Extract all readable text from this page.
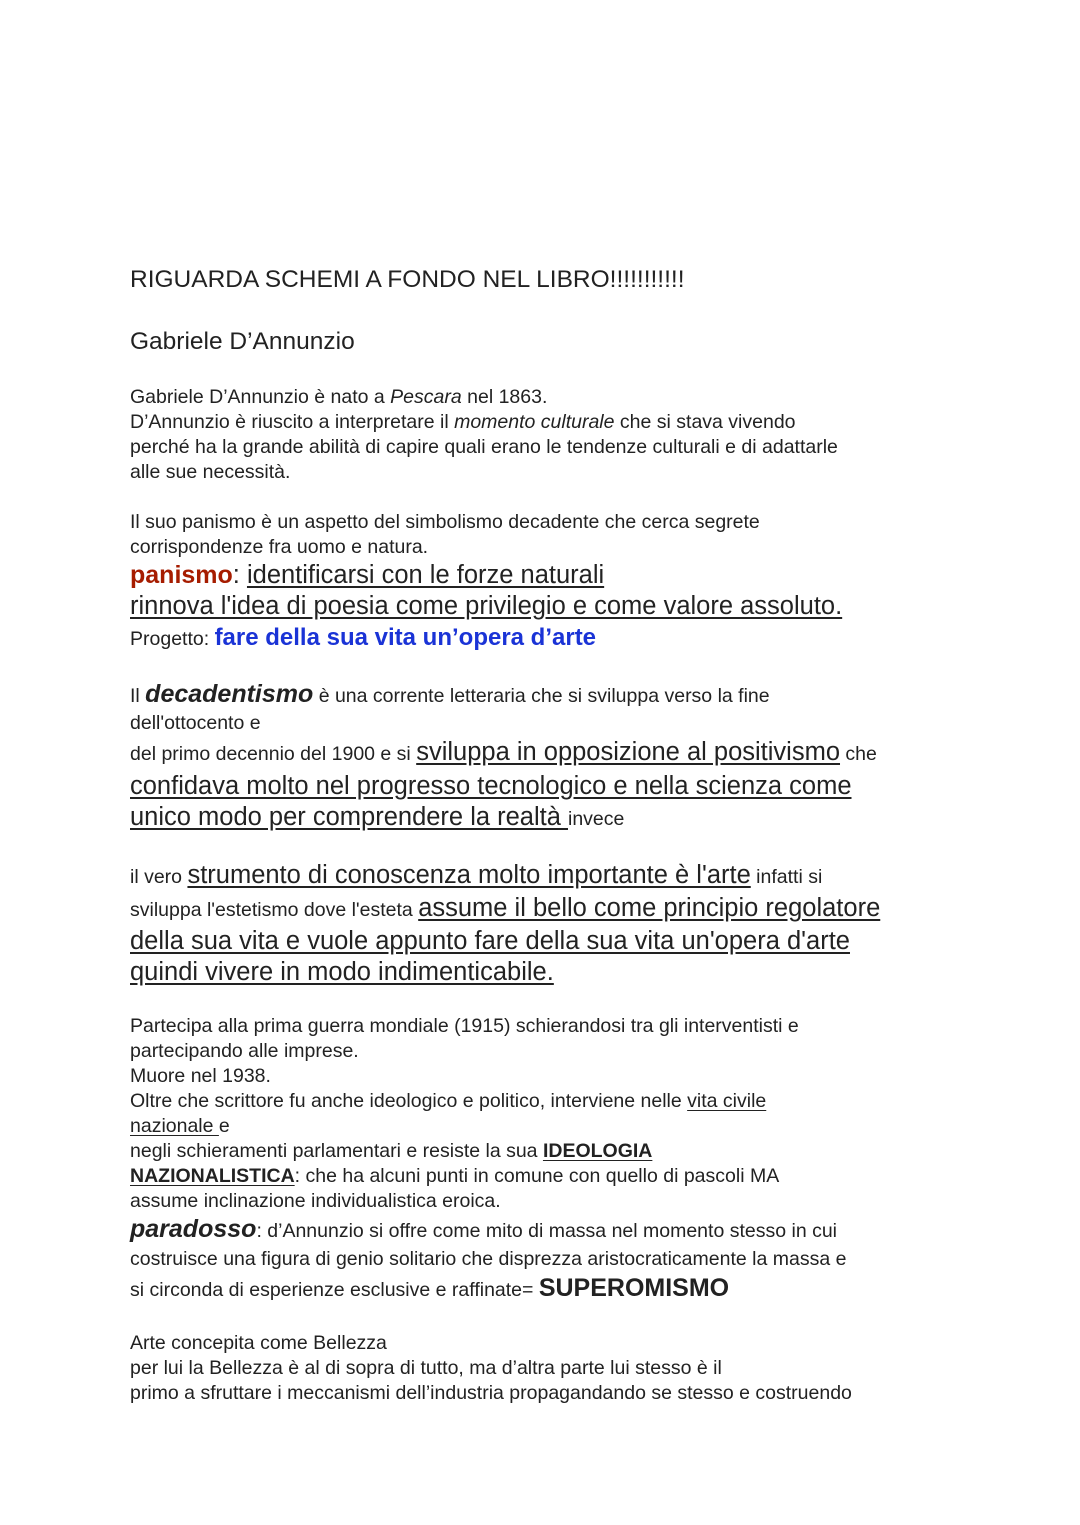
RIGUARDA SCHEMI A FONDO NEL LIBRO!!!!!!!!!!!

Gabriele D’Annunzio

Gabriele D’Annunzio è nato a Pescara nel 1863.
D’Annunzio è riuscito a interpretare il momento culturale che si stava vivendo
perché ha la grande abilità di capire quali erano le tendenze culturali e di adattarle
alle sue necessità.
Il suo panismo è un aspetto del simbolismo decadente che cerca segrete
corrispondenze fra uomo e natura.
panismo: identificarsi con le forze naturali
rinnova l'idea di poesia come privilegio e come valore assoluto.
Progetto: fare della sua vita un’opera d’arte
Il decadentismo è una corrente letteraria che si sviluppa verso la fine
dell'ottocento e
del primo decennio del 1900 e si sviluppa in opposizione al positivismo che
confidava molto nel progresso tecnologico e nella scienza come
unico modo per comprendere la realtà invece
il vero strumento di conoscenza molto importante è l'arte infatti si
sviluppa l'estetismo dove l'esteta assume il bello come principio regolatore
della sua vita e vuole appunto fare della sua vita un'opera d'arte
quindi vivere in modo indimenticabile.
Partecipa alla prima guerra mondiale (1915) schierandosi tra gli interventisti e
partecipando alle imprese.
Muore nel 1938.
Oltre che scrittore fu anche ideologico e politico, interviene nelle vita civile
nazionale e
negli schieramenti parlamentari e resiste la sua IDEOLOGIA
NAZIONALISTICA: che ha alcuni punti in comune con quello di pascoli MA
assume inclinazione individualistica eroica.
paradosso: d’Annunzio si offre come mito di massa nel momento stesso in cui
costruisce una figura di genio solitario che disprezza aristocraticamente la massa e
si circonda di esperienze esclusive e raffinate= SUPEROMISMO
Arte concepita come Bellezza
per lui la Bellezza è al di sopra di tutto, ma d’altra parte lui stesso è il
primo a sfruttare i meccanismi dell’industria propagandando se stesso e costruendo
